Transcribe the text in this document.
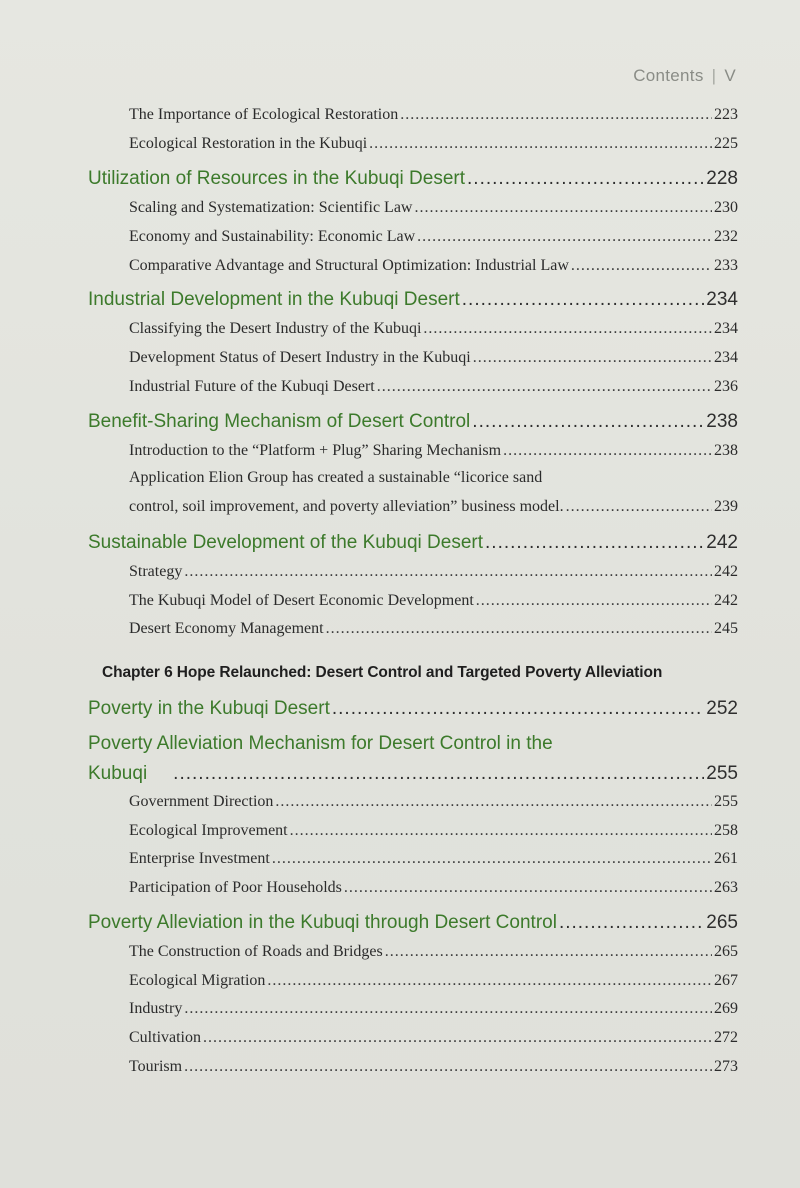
Contents | V
The Importance of Ecological Restoration .....	223
Ecological Restoration in the Kubuqi .....	225
Utilization of Resources in the Kubuqi Desert .....	228
Scaling and Systematization: Scientific Law .....	230
Economy and Sustainability: Economic Law .....	232
Comparative Advantage and Structural Optimization: Industrial Law .....	233
Industrial Development in the Kubuqi Desert .....	234
Classifying the Desert Industry of the Kubuqi .....	234
Development Status of Desert Industry in the Kubuqi .....	234
Industrial Future of the Kubuqi Desert .....	236
Benefit-Sharing Mechanism of Desert Control .....	238
Introduction to the “Platform + Plug” Sharing Mechanism .....	238
Application Elion Group has created a sustainable “licorice sand
control, soil improvement, and poverty alleviation” business model. .....	239
Sustainable Development of the Kubuqi Desert .....	242
Strategy .....	242
The Kubuqi Model of Desert Economic Development .....	242
Desert Economy Management .....	245
Chapter 6 Hope Relaunched: Desert Control and Targeted Poverty Alleviation
Poverty in the Kubuqi Desert .....	252
Poverty Alleviation Mechanism for Desert Control in the
Kubuqi .....	255
Government Direction .....	255
Ecological Improvement .....	258
Enterprise Investment .....	261
Participation of Poor Households .....	263
Poverty Alleviation in the Kubuqi through Desert Control .....	265
The Construction of Roads and Bridges .....	265
Ecological Migration .....	267
Industry .....	269
Cultivation .....	272
Tourism .....	273
